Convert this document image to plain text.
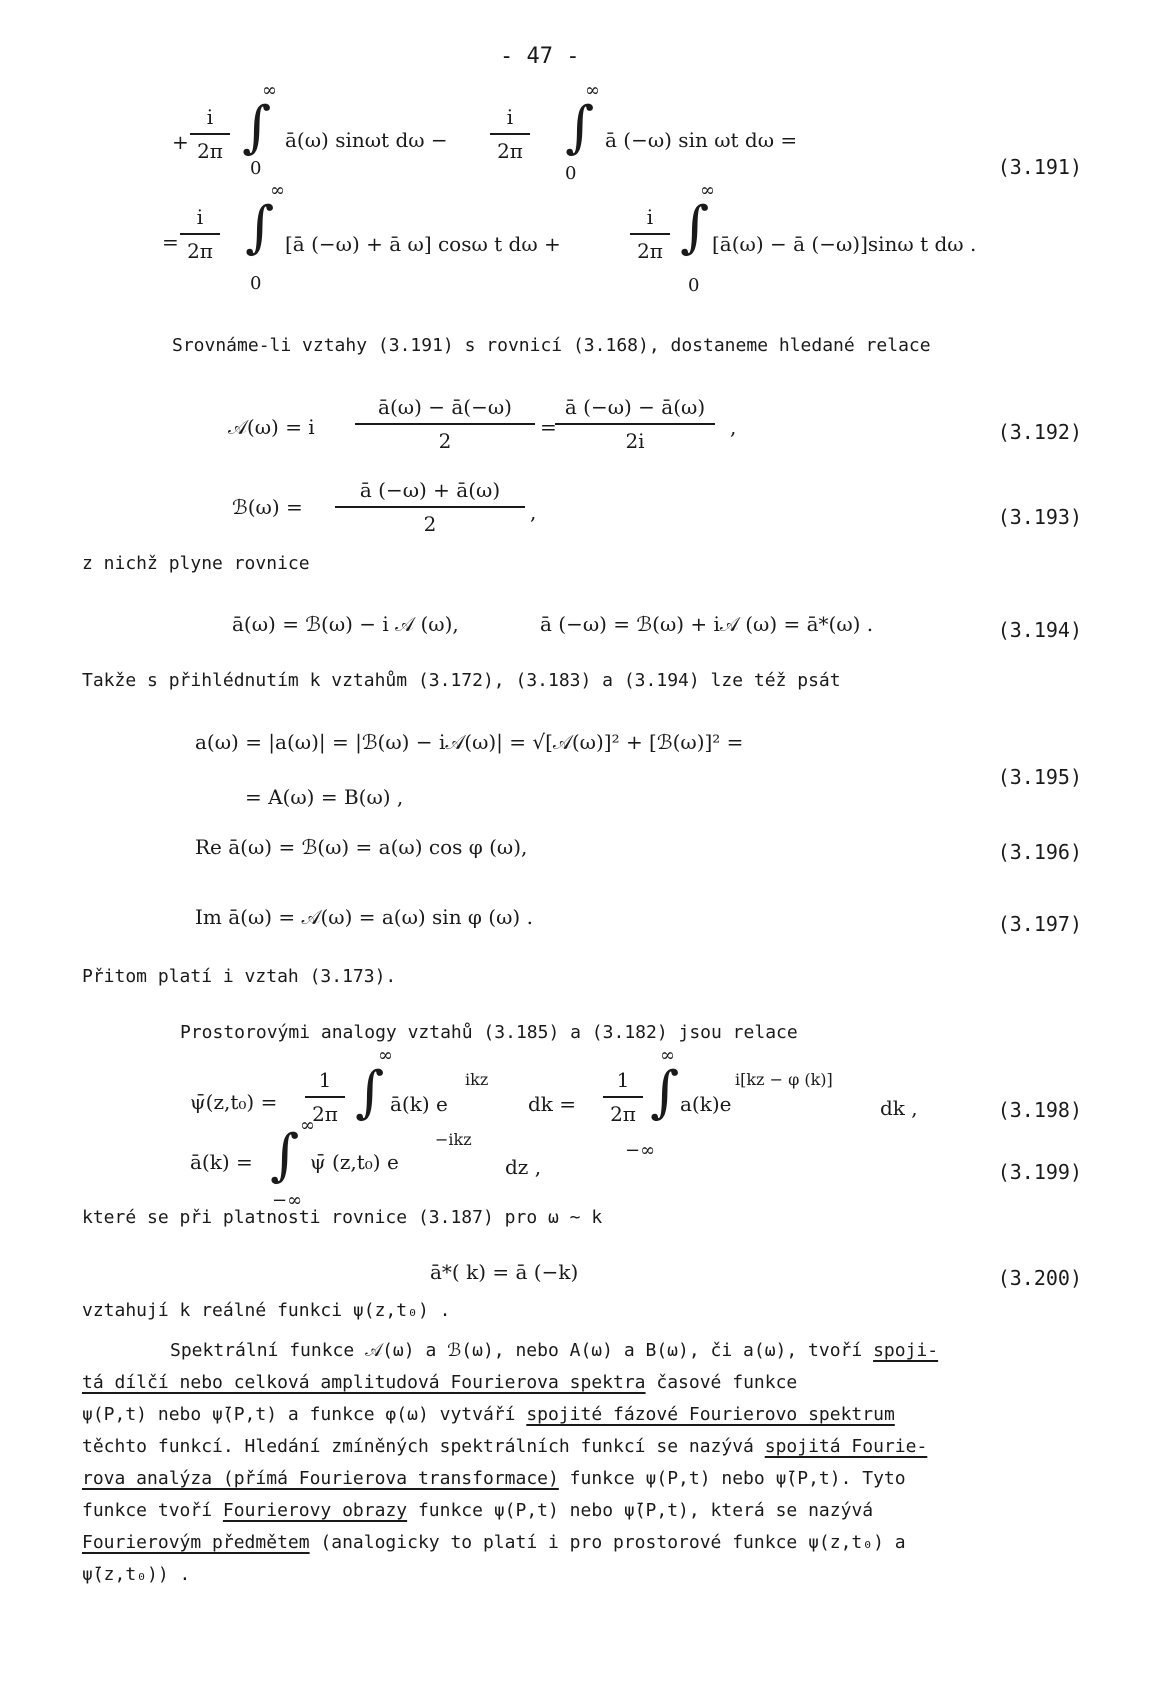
- 47 -
+ $\frac{i}{2\pi}$
∞
∫
0
ā(ω) sinωt $d\omega - \frac{i}{2\pi}$
∞
∫
0
ā (−ω) sin ωt dω =
(3.191)
= $\frac{i}{2\pi}$
∞
∫
0
[ā (−ω) + ā ω] cosω t dω +	$\frac{i}{2\pi}$
∞
∫
0
[ā(ω) − ā (−ω)]sinω t dω .
Srovnáme-li vztahy (3.191) s rovnicí (3.168), dostaneme hledané relace
𝒜(ω) = i $\frac{ā(\omega) - ā(-\omega)}{2}$ =
$\frac{ā (-\omega) - ā(\omega)}{2i}$ ,	(3.192)
ℬ(ω) = $\frac{ā (-\omega) + ā(\omega)}{2}$ ,	(3.193)
z nichž plyne rovnice
ā(ω) = ℬ(ω) − i 𝒜 (ω),	ā (−ω) = ℬ(ω) + i𝒜 (ω) = ā*(ω) .	(3.194)
Takže s přihlédnutím k vztahům (3.172), (3.183) a (3.194) lze též psát
a(ω) = |a(ω)| = |ℬ(ω) − i𝒜(ω)| = √[𝒜(ω)]² + [ℬ(ω)]² =
= A(ω) = B(ω) ,
(3.195)
Re ā(ω) = ℬ(ω) = a(ω) cos φ (ω),	(3.196)
Im ā(ω) = 𝒜(ω) = a(ω) sin φ (ω) .	(3.197)
Přitom platí i vztah (3.173).
Prostorovými analogy vztahů (3.185) a (3.182) jsou relace
ψ̄(z,t₀) = $\frac{1}{2\pi}$
∞
∫ ā(k) e
ikz
dk = $\frac{1}{2\pi}$
∞
∫
−∞
a(k)e
i[kz − φ (k)]
dk ,	(3.198)
ā(k) =
∞
∫
−∞
ψ̄ (z,t₀) e
−ikz
dz ,	(3.199)
které se při platnosti rovnice (3.187) pro ω ~ k
ā*( k) = ā (−k)	(3.200)
vztahují k reálné funkci ψ(z,t₀) .
Spektrální funkce 𝒜(ω) a ℬ(ω), nebo A(ω) a B(ω), či a(ω), tvoří spoji-
tá dílčí nebo celková amplitudová Fourierova spektra časové funkce
ψ(P,t) nebo ψ̄(P,t) a funkce φ(ω) vytváří spojité fázové Fourierovo spektrum
těchto funkcí. Hledání zmíněných spektrálních funkcí se nazývá spojitá Fourie-
rova analýza (přímá Fourierova transformace) funkce ψ(P,t) nebo ψ̄(P,t). Tyto
funkce tvoří Fourierovy obrazy funkce ψ(P,t) nebo ψ̄(P,t), která se nazývá
Fourierovým předmětem (analogicky to platí i pro prostorové funkce ψ(z,t₀) a
ψ̄(z,t₀)) .
